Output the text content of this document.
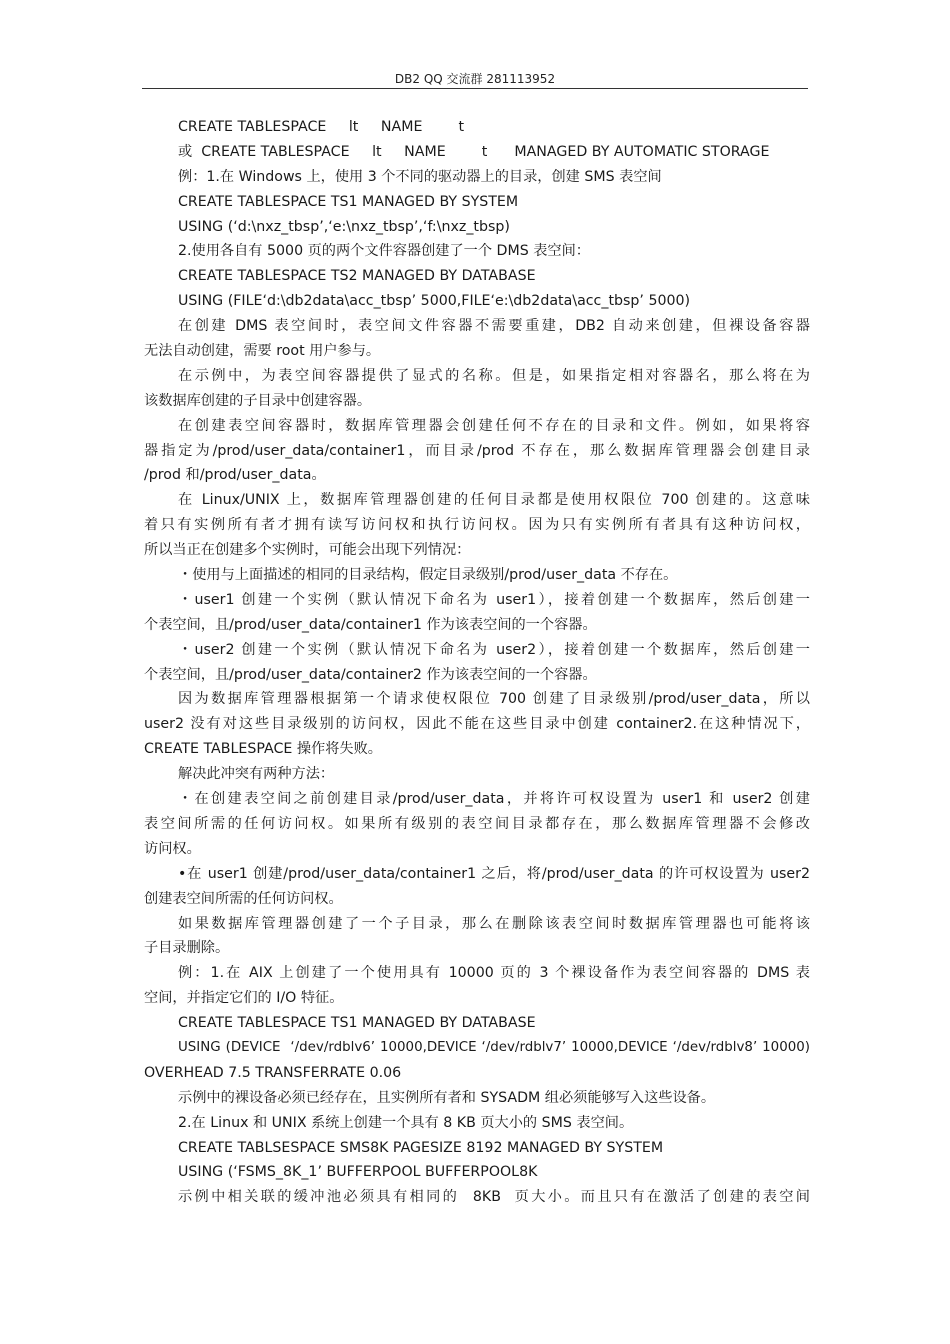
DB2 QQ 交流群 281113952
CREATE TABLESPACE     lt     NAME        t
或  CREATE TABLESPACE     lt     NAME        t      MANAGED BY AUTOMATIC STORAGE
例：1.在 Windows 上，使用 3 个不同的驱动器上的目录，创建 SMS 表空间
CREATE TABLESPACE TS1 MANAGED BY SYSTEM
USING (‘d:\nxz_tbsp’,‘e:\nxz_tbsp’,‘f:\nxz_tbsp)
2.使用各自有 5000 页的两个文件容器创建了一个 DMS 表空间：
CREATE TABLESPACE TS2 MANAGED BY DATABASE
USING (FILE‘d:\db2data\acc_tbsp’ 5000,FILE‘e:\db2data\acc_tbsp’ 5000)
在创建 DMS 表空间时，表空间文件容器不需要重建，DB2 自动来创建，但裸设备容器
无法自动创建，需要 root 用户参与。
在示例中，为表空间容器提供了显式的名称。但是，如果指定相对容器名，那么将在为
该数据库创建的子目录中创建容器。
在创建表空间容器时，数据库管理器会创建任何不存在的目录和文件。例如，如果将容
器指定为/prod/user_data/container1，而目录/prod 不存在，那么数据库管理器会创建目录
/prod 和/prod/user_data。
在 Linux/UNIX 上，数据库管理器创建的任何目录都是使用权限位 700 创建的。这意味
着只有实例所有者才拥有读写访问权和执行访问权。因为只有实例所有者具有这种访问权，
所以当正在创建多个实例时，可能会出现下列情况：
・使用与上面描述的相同的目录结构，假定目录级别/prod/user_data 不存在。
・user1 创建一个实例（默认情况下命名为 user1），接着创建一个数据库，然后创建一
个表空间，且/prod/user_data/container1 作为该表空间的一个容器。
・user2 创建一个实例（默认情况下命名为 user2），接着创建一个数据库，然后创建一
个表空间，且/prod/user_data/container2 作为该表空间的一个容器。
因为数据库管理器根据第一个请求使权限位 700 创建了目录级别/prod/user_data，所以
user2 没有对这些目录级别的访问权，因此不能在这些目录中创建 container2.在这种情况下，
CREATE TABLESPACE 操作将失败。
解决此冲突有两种方法：
・在创建表空间之前创建目录/prod/user_data，并将许可权设置为 user1 和 user2 创建
表空间所需的任何访问权。如果所有级别的表空间目录都存在，那么数据库管理器不会修改
访问权。
•在 user1 创建/prod/user_data/container1 之后，将/prod/user_data 的许可权设置为 user2
创建表空间所需的任何访问权。
如果数据库管理器创建了一个子目录，那么在删除该表空间时数据库管理器也可能将该
子目录删除。
例：1.在 AIX 上创建了一个使用具有 10000 页的 3 个裸设备作为表空间容器的 DMS 表
空间，并指定它们的 I/O 特征。
CREATE TABLESPACE TS1 MANAGED BY DATABASE
USING (DEVICE  ‘/dev/rdblv6’ 10000,DEVICE ‘/dev/rdblv7’ 10000,DEVICE ‘/dev/rdblv8’ 10000)
OVERHEAD 7.5 TRANSFERRATE 0.06
示例中的裸设备必须已经存在，且实例所有者和 SYSADM 组必须能够写入这些设备。
2.在 Linux 和 UNIX 系统上创建一个具有 8 KB 页大小的 SMS 表空间。
CREATE TABLSESPACE SMS8K PAGESIZE 8192 MANAGED BY SYSTEM
USING (‘FSMS_8K_1’ BUFFERPOOL BUFFERPOOL8K
示例中相关联的缓冲池必须具有相同的  8KB  页大小。而且只有在激活了创建的表空间
